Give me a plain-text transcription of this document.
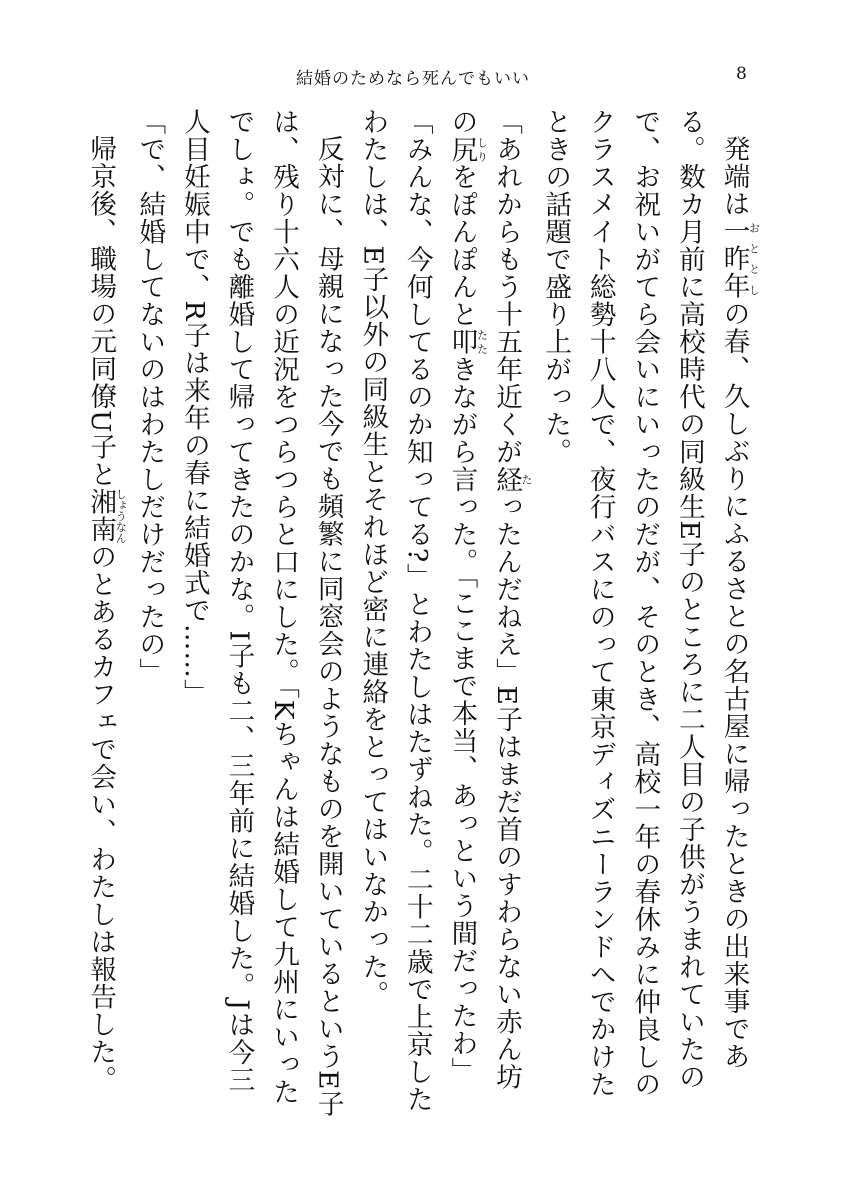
結婚のためなら死んでもいい	8

発端は一昨年おととしの春、久しぶりにふるさとの名古屋に帰ったときの出来事である。数カ月前に高校時代の同級生E子のところに二人目の子供がうまれていたので、お祝いがてら会いにいったのだが、そのとき、高校一年の春休みに仲良しのクラスメイト総勢十八人で、夜行バスにのって東京ディズニーランドへでかけたときの話題で盛り上がった。

「あれからもう十五年近くが経たったんだねえ」E子はまだ首のすわらない赤ん坊の尻しりをぽんぽんと叩たたきながら言った。「ここまで本当、あっという間だったわ」

「みんな、今何してるのか知ってる?」とわたしはたずねた。二十二歳で上京したわたしは、E子以外の同級生とそれほど密に連絡をとってはいなかった。

反対に、母親になった今でも頻繁に同窓会のようなものを開いているというE子は、残り十六人の近況をつらつらと口にした。「Kちゃんは結婚して九州にいったでしょ。でも離婚して帰ってきたのかな。I子も二、三年前に結婚した。Jは今三人目妊娠中で、R子は来年の春に結婚式で……」

「で、結婚してないのはわたしだけだったの」

帰京後、職場の元同僚U子と湘南しょうなんのとあるカフェで会い、わたしは報告した。
